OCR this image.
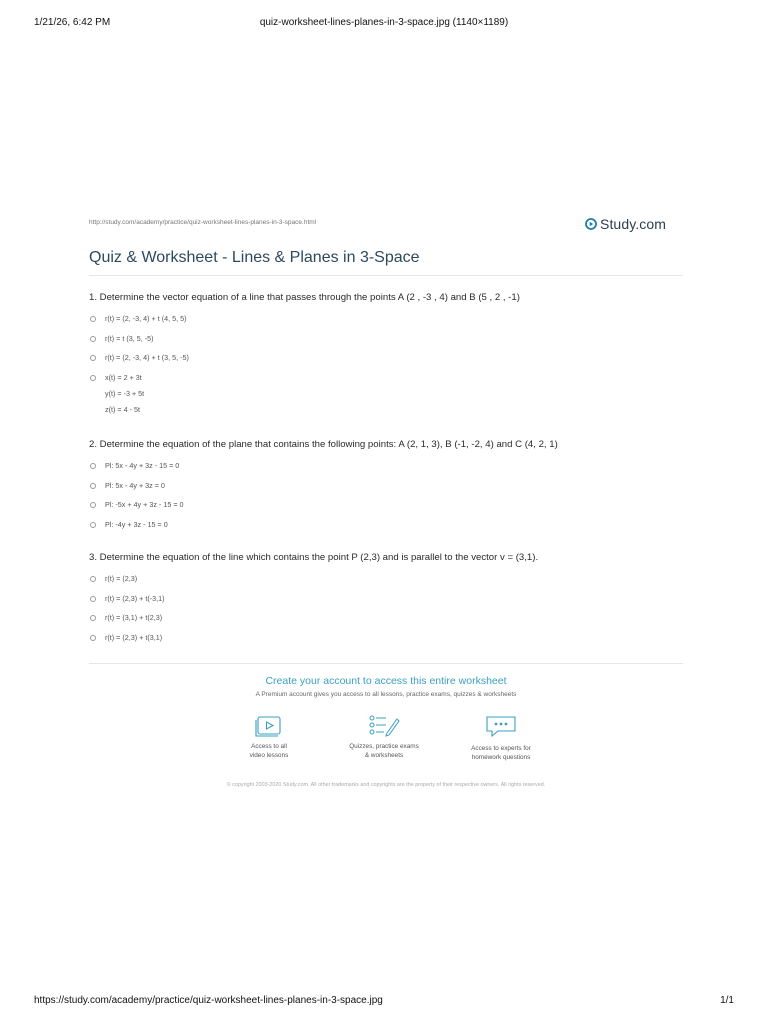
1/21/26, 6:42 PM	quiz-worksheet-lines-planes-in-3-space.jpg (1140×1189)
https://study.com/academy/practice/quiz-worksheet-lines-planes-in-3-space.jpg	1/1
http://study.com/academy/practice/quiz-worksheet-lines-planes-in-3-space.html	Study.com
Quiz & Worksheet - Lines & Planes in 3-Space

1. Determine the vector equation of a line that passes through the points A (2 , -3 , 4) and B (5 , 2 , -1)

r(t) = (2, -3, 4) + t (4, 5, 5)
r(t) = t (3, 5, -5)
r(t) = (2, -3, 4) + t (3, 5, -5)
x(t) = 2 + 3t
y(t) = -3 + 5t
z(t) = 4 - 5t

2. Determine the equation of the plane that contains the following points: A (2, 1, 3), B (-1, -2, 4) and C (4, 2, 1)

Pl: 5x - 4y + 3z - 15 = 0
Pl: 5x - 4y + 3z = 0
Pl: -5x + 4y + 3z - 15 = 0
Pl: -4y + 3z - 15 = 0

3. Determine the equation of the line which contains the point P (2,3) and is parallel to the vector v = (3,1).

r(t) = (2,3)
r(t) = (2,3) + t(-3,1)
r(t) = (3,1) + t(2,3)
r(t) = (2,3) + t(3,1)
Create your account to access this entire worksheet
A Premium account gives you access to all lessons, practice exams, quizzes & worksheets
Access to all
video lessons
Quizzes, practice exams
& worksheets
Access to experts for
homework questions
© copyright 2003-2020 Study.com. All other trademarks and copyrights are the property of their respective owners. All rights reserved.
